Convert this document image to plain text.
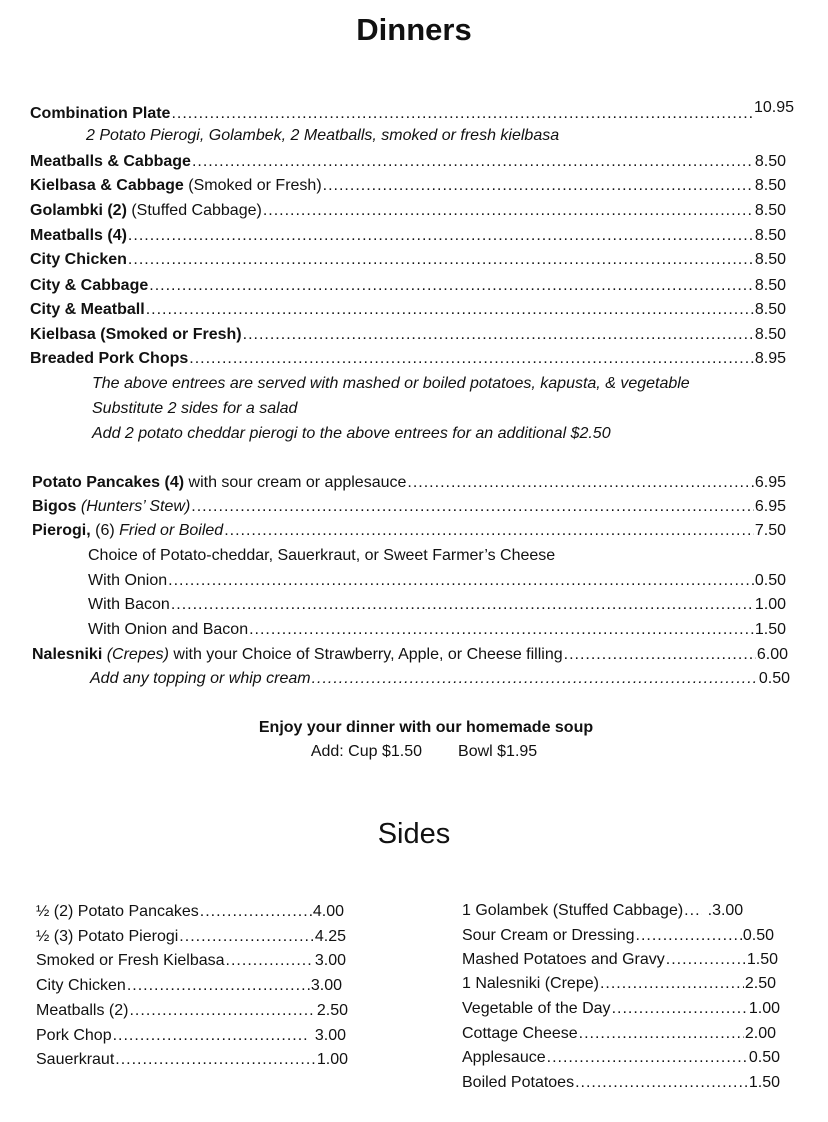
Dinners
Combination Plate .....	10.95
2 Potato Pierogi, Golambek, 2 Meatballs, smoked or fresh kielbasa
Meatballs & Cabbage .....	8.50
Kielbasa & Cabbage (Smoked or Fresh) .....	8.50
Golambki (2) (Stuffed Cabbage) .....	8.50
Meatballs (4) .....	8.50
City Chicken .....	8.50
City & Cabbage .....	8.50
City & Meatball .....	8.50
Kielbasa (Smoked or Fresh) .....	8.50
Breaded Pork Chops .....	8.95
The above entrees are served with mashed or boiled potatoes, kapusta, & vegetable
Substitute 2 sides for a salad
Add 2 potato cheddar pierogi to the above entrees for an additional $2.50
Potato Pancakes (4) with sour cream or applesauce .....	6.95
Bigos (Hunters’ Stew) .....	6.95
Pierogi, (6) Fried or Boiled .....	7.50
Choice of Potato-cheddar, Sauerkraut, or Sweet Farmer’s Cheese
With Onion .....	0.50
With Bacon .....	1.00
With Onion and Bacon .....	1.50
Nalesniki (Crepes) with your Choice of Strawberry, Apple, or Cheese filling .....	6.00
Add any topping or whip cream .....	0.50
Enjoy your dinner with our homemade soup
Add: Cup $1.50 Bowl $1.95
Sides
½ (2) Potato Pancakes .....	4.00
½ (3) Potato Pierogi .....	4.25
Smoked or Fresh Kielbasa .....	3.00
City Chicken .....	3.00
Meatballs (2) .....	2.50
Pork Chop .....	3.00
Sauerkraut .....	1.00
1 Golambek (Stuffed Cabbage) ..... .3.00
Sour Cream or Dressing .....	0.50
Mashed Potatoes and Gravy .....	1.50
1 Nalesniki (Crepe) .....	2.50
Vegetable of the Day .....	1.00
Cottage Cheese .....	2.00
Applesauce .....	0.50
Boiled Potatoes .....	1.50
